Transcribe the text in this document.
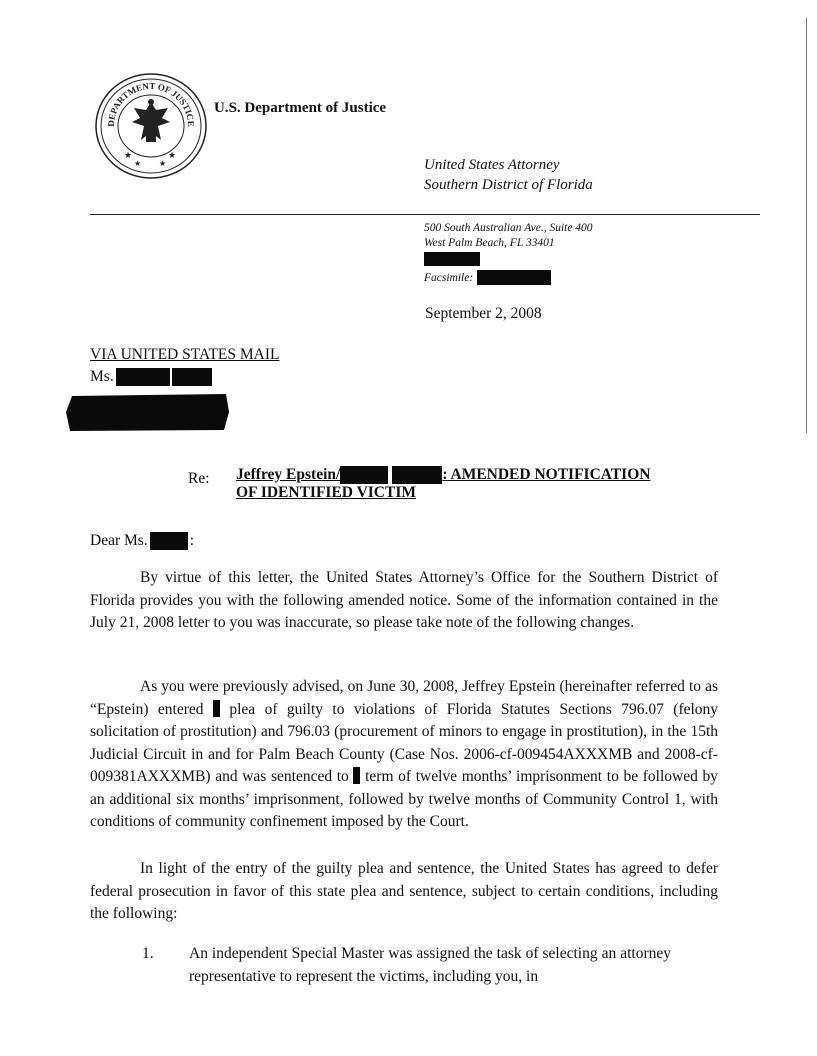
DEPARTMENT OF JUSTICE
★	★
★ ★
U.S. Department of Justice
United States Attorney
Southern District of Florida
500 South Australian Ave., Suite 400
West Palm Beach, FL 33401
Facsimile:
September 2, 2008
VIA UNITED STATES MAIL
Ms.
Re: Jeffrey Epstein/	: AMENDED NOTIFICATION
OF IDENTIFIED VICTIM
Dear Ms.	:
By virtue of this letter, the United States Attorney’s Office for the Southern District of Florida provides you with the following amended notice. Some of the information contained in the July 21, 2008 letter to you was inaccurate, so please take note of the following changes.
As you were previously advised, on June 30, 2008, Jeffrey Epstein (hereinafter referred to as “Epstein) entered plea of guilty to violations of Florida Statutes Sections 796.07 (felony solicitation of prostitution) and 796.03 (procurement of minors to engage in prostitution), in the 15th Judicial Circuit in and for Palm Beach County (Case Nos. 2006-cf-009454AXXXMB and 2008-cf-009381AXXXMB) and was sentenced to term of twelve months’ imprisonment to be followed by an additional six months’ imprisonment, followed by twelve months of Community Control 1, with conditions of community confinement imposed by the Court.
In light of the entry of the guilty plea and sentence, the United States has agreed to defer federal prosecution in favor of this state plea and sentence, subject to certain conditions, including the following:
1. An independent Special Master was assigned the task of selecting an attorney representative to represent the victims, including you, in
